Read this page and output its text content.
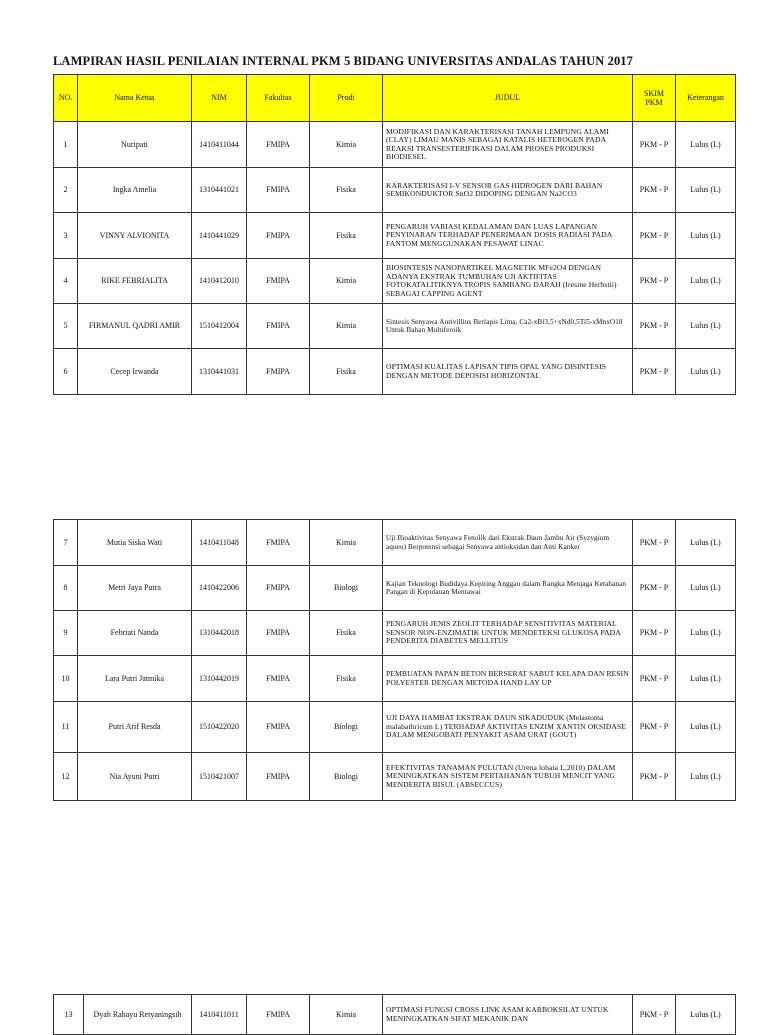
LAMPIRAN HASIL PENILAIAN INTERNAL PKM 5 BIDANG UNIVERSITAS ANDALAS TAHUN 2017
NO.	Nama Ketua	NIM	Fakultas	Prodi	JUDUL	SKIM PKM	Keterangan
1	Nuripati	1410411044	FMIPA	Kimia	MODIFIKASI DAN KARAKTERISASI TANAH LEMPUNG ALAMI (CLAY) LIMAU MANIS SEBAGAI KATALIS HETEROGEN PADA REAKSI TRANSESTERIFIKASI DALAM PROSES PRODUKSI BIODIESEL	PKM - P	Lulus (L)
2	Ingka Amelia	1310441021	FMIPA	Fisika	KARAKTERISASI I-V SENSOR GAS HIDROGEN DARI BAHAN SEMIKONDUKTOR SnO2 DIDOPING DENGAN Na2CO3	PKM - P	Lulus (L)
3	VINNY ALVIONITA	1410441029	FMIPA	Fisika	PENGARUH VARIASI KEDALAMAN DAN LUAS LAPANGAN PENYINARAN TERHADAP PENERIMAAN DOSIS RADIASI PADA FANTOM MENGGUNAKAN PESAWAT LINAC	PKM - P	Lulus (L)
4	RIKE FEBRIALITA	1410412010	FMIPA	Kimia	BIOSINTESIS NANOPARTIKEL MAGNETIK MFe2O4 DENGAN ADANYA EKSTRAK TUMBUHAN UJI AKTIFITAS FOTOKATALITIKNYA TROPIS SAMBANG DARAH (Iresine Herbstii) SEBAGAI CAPPING AGENT	PKM - P	Lulus (L)
5	FIRMANUL QADRI AMIR	1510412004	FMIPA	Kimia	Sintesis Senyawa Aurivillius Berlapis Lima, Ca2-xBi3,5+xNd0,5Ti5-xMnxO18 Untuk Bahan Multiferoik	PKM - P	Lulus (L)
6	Cecep Irwanda	1310441031	FMIPA	Fisika	OPTIMASI KUALITAS LAPISAN TIPIS OPAL YANG DISINTESIS DENGAN METODE DEPOSISI HORIZONTAL	PKM - P	Lulus (L)
7	Mutia Siska Wati	1410411048	FMIPA	Kimia	Uji Bioaktivitas Senyawa Fenolik dari Ekstrak Daun Jambu Air (Syzygium aqueu) Berpotensi sebagai Senyawa antioksidan dan Anti Kanker	PKM - P	Lulus (L)
8	Metri Jaya Putra	1410422006	FMIPA	Biologi	Kajian Teknologi Budidaya Kepiting Anggau dalam Rangka Menjaga Ketahanan Pangan di Kepulauan Mentawai	PKM - P	Lulus (L)
9	Febriati Nanda	1310442018	FMIPA	Fisika	PENGARUH JENIS ZEOLIT TERHADAP SENSITIVITAS MATERIAL SENSOR NON-ENZIMATIK UNTUK MENDETEKSI GLUKOSA PADA PENDERITA DIABETES MELLITUS	PKM - P	Lulus (L)
10	Lara Putri Jatmika	1310442019	FMIPA	Fisika	PEMBUATAN PAPAN BETON BERSERAT SABUT KELAPA DAN RESIN POLYESTER DENGAN METODA HAND LAY UP	PKM - P	Lulus (L)
11	Putri Arif Resda	1510422020	FMIPA	Biologi	UJI DAYA HAMBAT EKSTRAK DAUN SIKADUDUK (Melastoma malabathricum L) TERHADAP AKTIVITAS ENZIM XANTIN OKSIDASE DALAM MENGOBATI PENYAKIT ASAM URAT (GOUT)	PKM - P	Lulus (L)
12	Nia Ayuni Putri	1510421007	FMIPA	Biologi	EFEKTIVITAS TANAMAN PULUTAN (Urena lobata L,2010) DALAM MENINGKATKAN SISTEM PERTAHANAN TUBUH MENCIT YANG MENDERITA BISUL (ABSECCUS)	PKM - P	Lulus (L)
13	Dyah Rahayu Retyaningsih	1410411011	FMIPA	Kimia	OPTIMASI FUNGSI CROSS LINK ASAM KARBOKSILAT UNTUK MENINGKATKAN SIFAT MEKANIK DAN	PKM - P	Lulus (L)
